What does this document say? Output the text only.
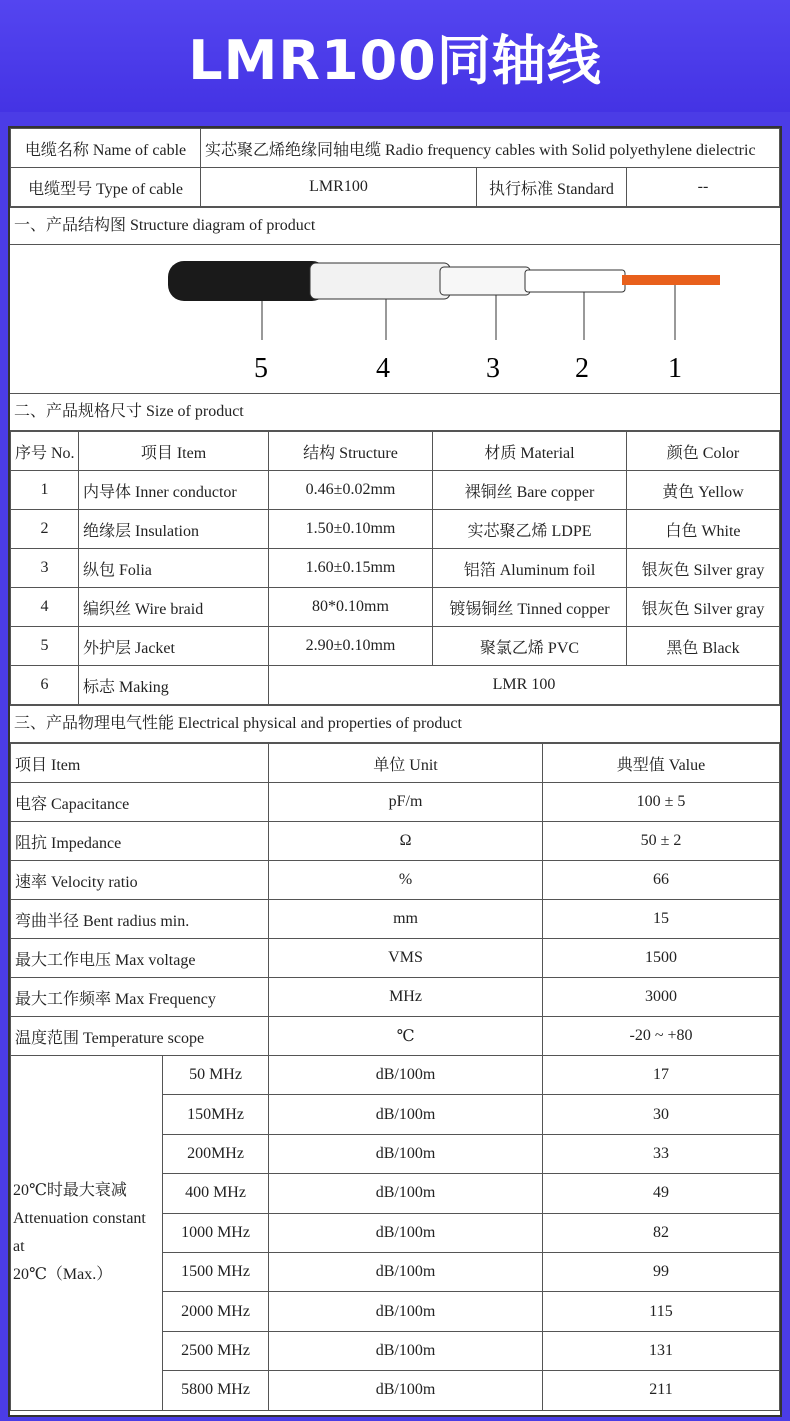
LMR100同轴线
电缆名称 Name of cable	实芯聚乙烯绝缘同轴电缆 Radio frequency cables with Solid polyethylene dielectric		
电缆型号 Type of cable	LMR100	执行标准 Standard	--
一、产品结构图 Structure diagram of product
5	4	3	2	1
二、产品规格尺寸 Size of product
序号 No.	项目 Item	结构 Structure	材质 Material	颜色 Color
1	内导体 Inner conductor	0.46±0.02mm	裸铜丝 Bare copper	黄色 Yellow
2	绝缘层 Insulation	1.50±0.10mm	实芯聚乙烯 LDPE	白色 White
3	纵包 Folia	1.60±0.15mm	铝箔 Aluminum foil	银灰色 Silver gray
4	编织丝 Wire braid	80*0.10mm	镀锡铜丝 Tinned copper	银灰色 Silver gray
5	外护层 Jacket	2.90±0.10mm	聚氯乙烯 PVC	黑色 Black
6	标志 Making	LMR 100		
三、产品物理电气性能 Electrical physical and properties of product
项目 Item		单位 Unit	典型值 Value
电容 Capacitance		pF/m	100 ± 5
阻抗 Impedance		Ω	50 ± 2
速率 Velocity ratio		%	66
弯曲半径 Bent radius min.		mm	15
最大工作电压 Max voltage		VMS	1500
最大工作频率 Max Frequency		MHz	3000
温度范围 Temperature scope		℃	-20 ~ +80

20℃时最大衰减
Attenuation constant at
20℃（Max.）	50 MHz	dB/100m	17
	150MHz	dB/100m	30
	200MHz	dB/100m	33
	400 MHz	dB/100m	49
	1000 MHz	dB/100m	82
	1500 MHz	dB/100m	99
	2000 MHz	dB/100m	115
	2500 MHz	dB/100m	131
	5800 MHz	dB/100m	211
